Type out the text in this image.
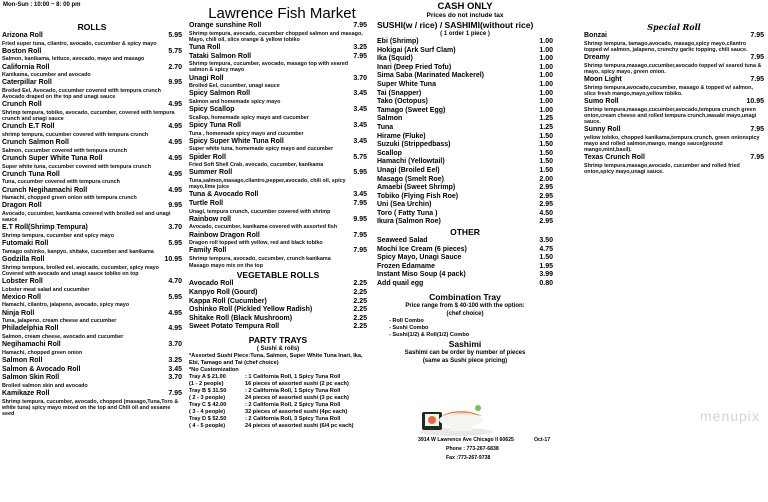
Mon-Sun : 10:00 ~ 8: 00 pm	Lawrence Fish Market
ROLLS
Arizona Roll	5.95
Fried super tuna, cilantro, avocado, cucumber & spicy mayo
Boston Roll	5.75
Salmon, kanikama, lettuce, avocado, mayo and masago
California Roll	2.70
Kanikama, cucumber and avocado
Caterpillar Roll	9.95
Broiled Eel, Avocado, cucumber covered with tempura crunch Avocado draped on the top and unagi sauce
Crunch Roll	4.95
Shrimp tempura, tobiko, avocado, cucumber, covered with tempura crunch and unagi sauce
Crunch E.T Roll	4.95
shrimp tempura, cucumber covered with tempura crunch
Crunch Salmon Roll	4.95
Salmon, cucumber covered with tempura crunch
Crunch Super White Tuna Roll	4.95
Super white tuna, cucumber covered with tempura crunch
Crunch Tuna Roll	4.95
Tuna, cucumber covered with tempura crunch
Crunch Negihamachi Roll	4.95
Hamachi, chopped green onion with tempura crunch
Dragon Roll	9.95
Avocado, cucumber, kanikama covered with broiled eel and unagi sauce
E.T Roll(Shrimp Tempura)	3.70
Shrimp tempura, cucumber and spicy mayo
Futomaki Roll	5.95
Tamago oshinko, kanpyo, shitake, cucumber and kanikama
Godzilla Roll	10.95
Shrimp tempura, broiled eel, avocado, cucumber, spicy mayo Covered with avocado and unagi sauce tobiko on top
Lobster Roll	4.70
Lobster meat salad and cucumber
Mexico Roll	5.95
Hamachi, cilantro, jalapeno, avocado, spicy mayo
Ninja Roll	4.95
Tuna, jalapeno, cream cheese and cucumber
Philadelphia Roll	4.95
Salmon, cream cheese, avocado and cucumber
Negihamachi Roll	3.70
Hamachi, chopped green onion
Salmon Roll	3.25
Salmon & Avocado Roll	3.45
Salmon Skin Roll	3.70
Broiled salmon skin and avocado
Kamikaze Roll	7.95
Shrimp tempura, cucumber, avocado, chopped (masago,Tuna,Toro & white tuna) spicy mayo mixed on the top and Chili oil and sesame seed
Orange sunshine Roll	7.95
Shrimp tempura, avocado, cucumber chopped salmon and masago, Mayo, chili oil, slice orange & yellow tobiko
Tuna Roll	3.25
Tataki Salmon Roll	7.95
Shrimp tempura, cucumber, avocado, masago top with seared salmon & spicy mayo
Unagi Roll	3.70
Broiled Eel, cucumber, unagi sauce
Spicy Salmon Roll	3.45
Salmon and homemade spicy mayo
Spicy Scallop	3.45
Scallop, homemade spicy mayo and cucumber
Spicy Tuna Roll	3.45
Tuna , homemade spicy mayo and cucumber
Spicy Super White Tuna Roll	3.45
Super white tuna, homemade spicy mayo and cucumber
Spider Roll	5.75
Fried Soft Shell Crab, avocado, cucumber, kanikama
Summer Roll	5.95
Tuna,salmon,masago,cilantro,pepper,avocado, chili oil, spicy mayo,lime juice
Tuna & Avocado Roll	3.45
Turtle Roll	7.95
Unagi, tempura crunch, cucumber covered with shrimp
Rainbow roll	9.95
Avocado, cucumber, kanikama covered with assorted fish
Rainbow Dragon Roll	7.95
Dragon roll topped with yellow, red and black tobiko
Family Roll	7.95
Shrimp tempura, avocado, cucumber, crunch kanikama
Masago mayo mix on the top
VEGETABLE ROLLS
Avocado Roll	2.25
Kanpyo Roll (Gourd)	2.25
Kappa Roll (Cucumber)	2.25
Oshinko Roll (Pickled Yellow Radish)	2.25
Shitake Roll (Black Mushroom)	2.25
Sweet Potato Tempura Roll	2.25
PARTY TRAYS
( Sushi & rolls)
*Assorted Sushi Piece:Tuna, Salmon, Super White Tuna Inari, Ika, Ebi, Tamago and Tai (chef choice)
*No Customization
Tray A $ 21.00	: 1 California Roll, 1 Spicy Tuna Roll
(1 - 2 people)	16 pieces of assorted sushi (2 pc each)
Tray B $ 31.50	: 2 California Roll, 1 Spicy Tuna Roll
( 2 - 3 people)	24 pieces of assorted sushi (3 pc each)
Tray C $ 42.00	: 2 California Roll, 2 Spicy Tuna Roll
( 3 - 4 people)	32 pieces of assorted sushi (4pc each)
Tray D $ 52.50	: 2 California Roll, 3 Spicy Tuna Roll
( 4 - 5 people)	24 pieces of assorted sushi (6/4 pc each)
CASH ONLY
Prices do not include tax
SUSHI(w / rice) / SASHIMI(without rice)
( 1 order 1 piece )
Ebi (Shrimp)	1.00
Hokigai (Ark Surf Clam)	1.00
Ika (Squid)	1.00
Inari (Deep Fried Tofu)	1.00
Sima Saba (Marinated Mackerel)	1.00
Super White Tuna	1.00
Tai (Snapper)	1.00
Tako (Octopus)	1.00
Tamago (Sweet Egg)	1.00
Salmon	1.25
Tuna	1.25
Hirame (Fluke)	1.50
Suzuki (Strippedbass)	1.50
Scallop	1.50
Hamachi (Yellowtail)	1.50
Unagi (Broiled Eel)	1.50
Masago (Smelt Roe)	2.00
Amaebi (Sweet Shrimp)	2.95
Tobiko (Flying Fish Roe)	2.95
Uni (Sea Urchin)	2.95
Toro ( Fatty Tuna )	4.50
Ikura (Salmon Roe)	2.95
OTHER
Seaweed Salad	3.50
Mochi Ice Cream (6 pieces)	4.75
Spicy Mayo, Unagi Sauce	1.50
Frozen Edamame	1.95
Instant Miso Soup (4 pack)	3.99
Add quail egg	0.80
Combination Tray
Price range from $ 40-100 with the option:
(chef choice)
- Roll Combo
- Sushi Combo
- Sushi(1/2) & Roll(1/2) Combo
Sashimi
Sashimi can be order by number of pieces
(same as Sushi piece pricing)
3914 W Lawrence Ave Chicago Il 60625
Phone : 773-267-6838
Fax :773-267-9738
Oct-17
Special Roll
Bonzai	7.95
Shrimp tempura, tamago,avocado, masago,spicy mayo,cilantro topped w/ salmon, jalapeno, crunchy garlic topping, chili sauce.
Dreamy	7.95
Shrimp tempura,masago,cucumber,avocado topped w/ seared tuna & mayo, spicy mayo, green onion.
Moon Light	7.95
Shrimp tempura,avocado,cucumber, masago & topped w/ salmon, slice fresh mango,mayo,yellow tobiko.
Sumo Roll	10.95
Shrimp tempura,masago,cucumber,avocado,tempura crunch green onion,cream cheese and rolled tempura crunch,wasabi mayo,unagi sauce.
Sunny Roll	7.95
yellow tobiko, chopped kanikama,tempura crunch, green onionspicy mayo and rolled salmon,mango, mango sauce(ground mango,mint,basil).
Texas Crunch Roll	7.95
Shrimp tempura,masago,avocado, cucumber and rolled fried onion,spicy mayo,unagi sauce.
menupix
